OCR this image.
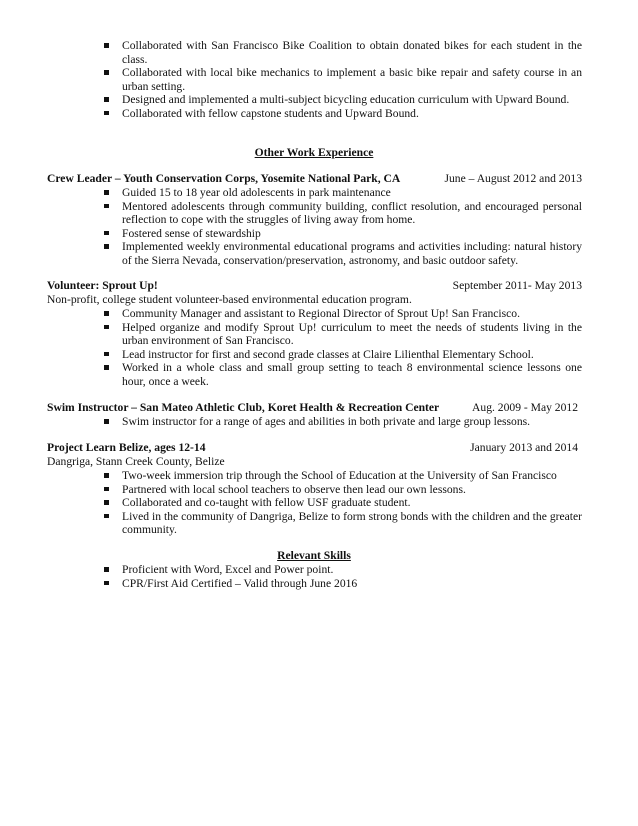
Collaborated with San Francisco Bike Coalition to obtain donated bikes for each student in the class.
Collaborated with local bike mechanics to implement a basic bike repair and safety course in an urban setting.
Designed and implemented a multi-subject bicycling education curriculum with Upward Bound.
Collaborated with fellow capstone students and Upward Bound.
Other Work Experience
Crew Leader – Youth Conservation Corps, Yosemite National Park, CA	June – August 2012 and 2013
Guided 15 to 18 year old adolescents in park maintenance
Mentored adolescents through community building, conflict resolution, and encouraged personal reflection to cope with the struggles of living away from home.
Fostered sense of stewardship
Implemented weekly environmental educational programs and activities including: natural history of the Sierra Nevada, conservation/preservation, astronomy, and basic outdoor safety.
Volunteer: Sprout Up!	September 2011- May 2013
Non-profit, college student volunteer-based environmental education program.
Community Manager and assistant to Regional Director of Sprout Up! San Francisco.
Helped organize and modify Sprout Up! curriculum to meet the needs of students living in the urban environment of San Francisco.
Lead instructor for first and second grade classes at Claire Lilienthal Elementary School.
Worked in a whole class and small group setting to teach 8 environmental science lessons one hour, once a week.
Swim Instructor – San Mateo Athletic Club, Koret Health & Recreation Center	Aug. 2009 - May 2012
Swim instructor for a range of ages and abilities in both private and large group lessons.
Project Learn Belize, ages 12-14	January 2013 and 2014
Dangriga, Stann Creek County, Belize
Two-week immersion trip through the School of Education at the University of San Francisco
Partnered with local school teachers to observe then lead our own lessons.
Collaborated and co-taught with fellow USF graduate student.
Lived in the community of Dangriga, Belize to form strong bonds with the children and the greater community.
Relevant Skills
Proficient with Word, Excel and Power point.
CPR/First Aid Certified – Valid through June 2016
